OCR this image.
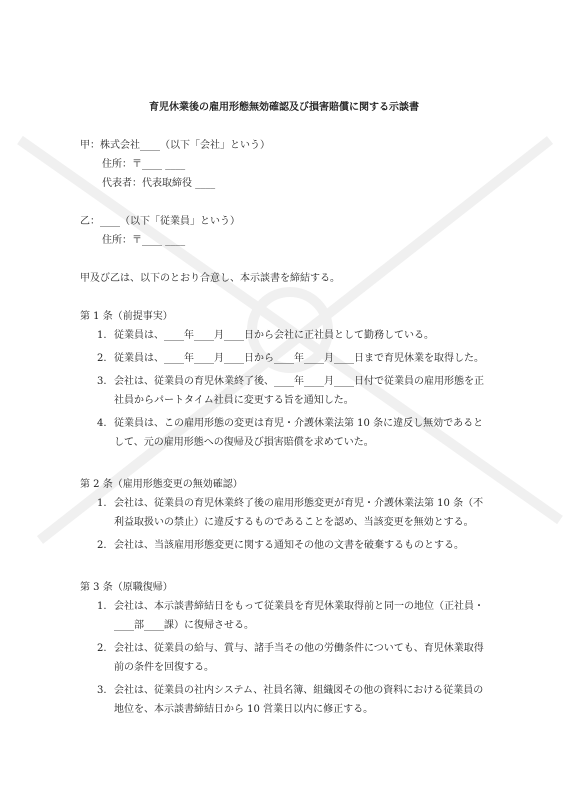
育児休業後の雇用形態無効確認及び損害賠償に関する示談書

甲：株式会社____（以下「会社」という）

住所：〒____ ____

代表者：代表取締役 ____

乙：____（以下「従業員」という）

住所：〒____ ____

甲及び乙は、以下のとおり合意し、本示談書を締結する。

第 1 条（前提事実）

1. 従業員は、____年____月____日から会社に正社員として勤務している。
2. 従業員は、____年____月____日から____年____月____日まで育児休業を取得した。
3. 会社は、従業員の育児休業終了後、____年____月____日付で従業員の雇用形態を正社員からパートタイム社員に変更する旨を通知した。
4. 従業員は、この雇用形態の変更は育児・介護休業法第 10 条に違反し無効であるとして、元の雇用形態への復帰及び損害賠償を求めていた。

第 2 条（雇用形態変更の無効確認）

1. 会社は、従業員の育児休業終了後の雇用形態変更が育児・介護休業法第 10 条（不利益取扱いの禁止）に違反するものであることを認め、当該変更を無効とする。
2. 会社は、当該雇用形態変更に関する通知その他の文書を破棄するものとする。

第 3 条（原職復帰）

1. 会社は、本示談書締結日をもって従業員を育児休業取得前と同一の地位（正社員・____部____課）に復帰させる。
2. 会社は、従業員の給与、賞与、諸手当その他の労働条件についても、育児休業取得前の条件を回復する。
3. 会社は、従業員の社内システム、社員名簿、組織図その他の資料における従業員の地位を、本示談書締結日から 10 営業日以内に修正する。
